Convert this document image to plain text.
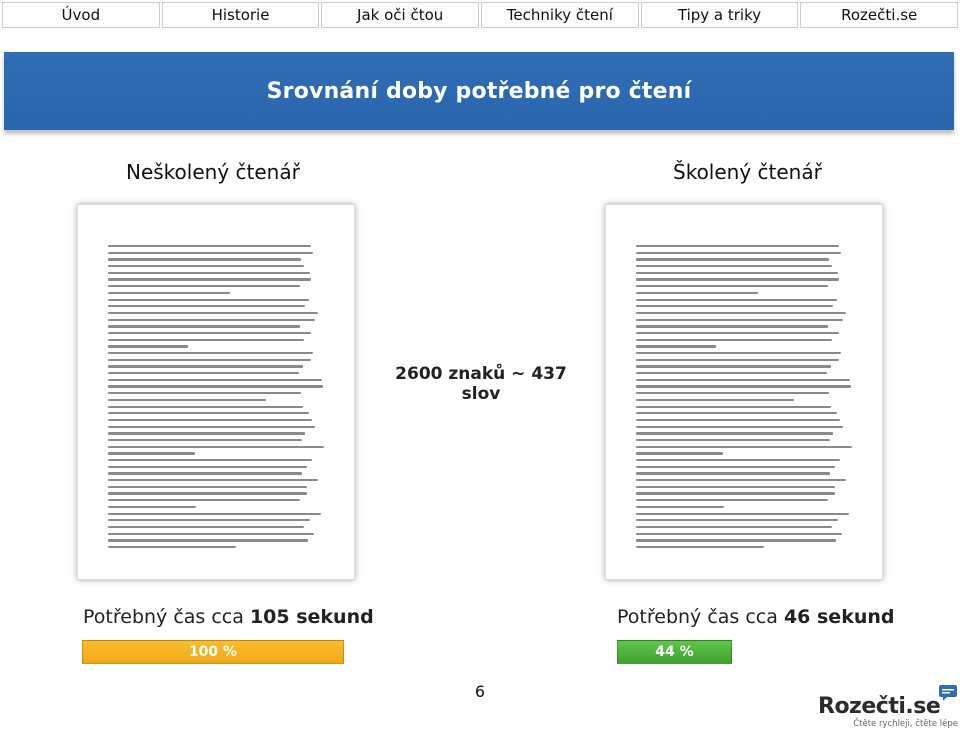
Úvod	Historie	Jak oči čtou	Techniky čtení	Tipy a triky	Rozečti.se
Srovnání doby potřebné pro čtení
Neškolený čtenář	Školený čtenář
2600 znaků ~ 437 slov
Potřebný čas cca 105 sekund	Potřebný čas cca 46 sekund
100 %	44 %
6
Rozečti.se
Čtěte rychleji, čtěte lépe
